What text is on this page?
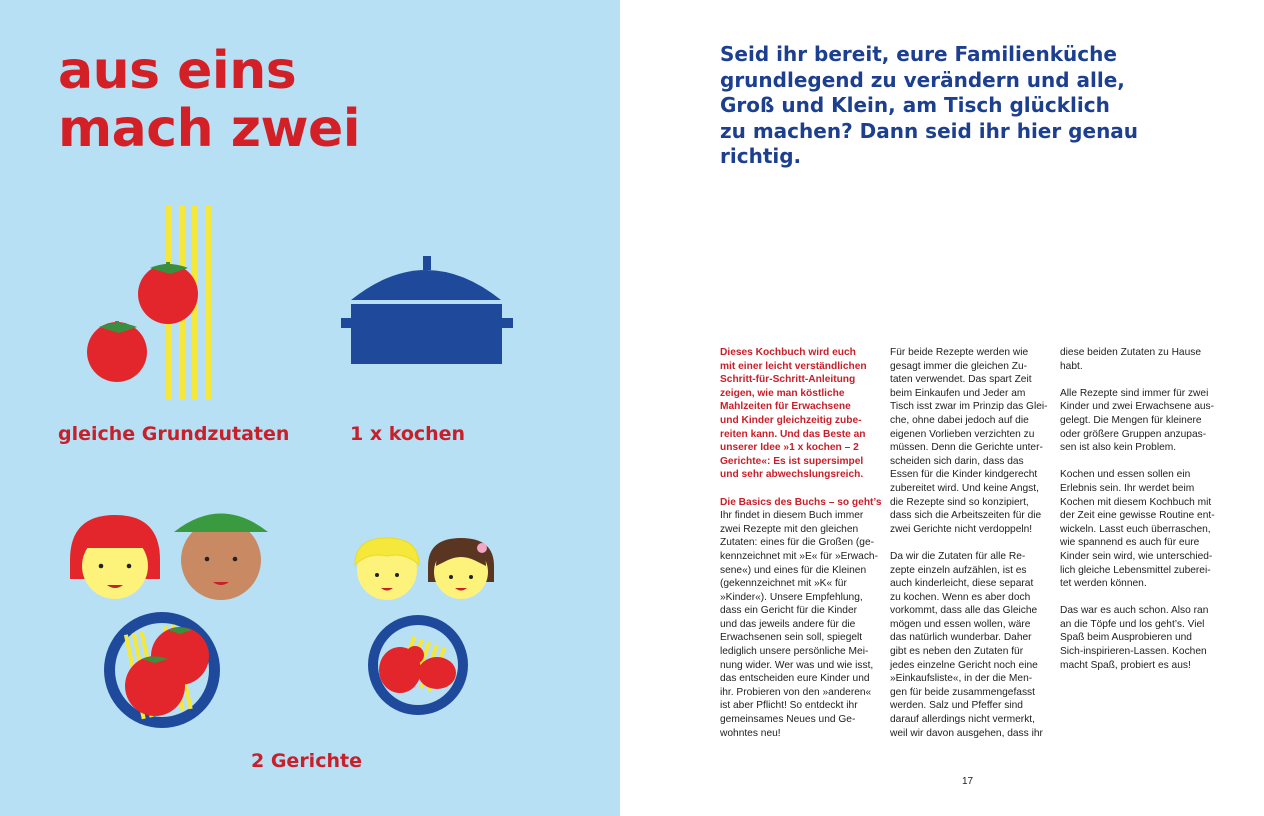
aus eins
mach zwei
gleiche Grundzutaten	1 x kochen
2 Gerichte
Seid ihr bereit, eure Familienküche
grundlegend zu verändern und alle,
Groß und Klein, am Tisch glücklich
zu machen? Dann seid ihr hier genau
richtig.

Dieses Kochbuch wird euch
mit einer leicht verständlichen
Schritt-für-Schritt-Anleitung
zeigen, wie man köstliche
Mahlzeiten für Erwachsene
und Kinder gleichzeitig zube-
reiten kann. Und das Beste an
unserer Idee »1 x kochen – 2
Gerichte«: Es ist supersimpel
und sehr abwechslungsreich.

Die Basics des Buchs – so geht’s
Ihr findet in diesem Buch immer
zwei Rezepte mit den gleichen
Zutaten: eines für die Großen (ge-
kennzeichnet mit »E« für »Erwach-
sene«) und eines für die Kleinen
(gekennzeichnet mit »K« für
»Kinder«). Unsere Empfehlung,
dass ein Gericht für die Kinder
und das jeweils andere für die
Erwachsenen sein soll, spiegelt
lediglich unsere persönliche Mei-
nung wider. Wer was und wie isst,
das entscheiden eure Kinder und
ihr. Probieren von den »anderen«
ist aber Pflicht! So entdeckt ihr
gemeinsames Neues und Ge-
wohntes neu!

Für beide Rezepte werden wie
gesagt immer die gleichen Zu-
taten verwendet. Das spart Zeit
beim Einkaufen und Jeder am
Tisch isst zwar im Prinzip das Glei-
che, ohne dabei jedoch auf die
eigenen Vorlieben verzichten zu
müssen. Denn die Gerichte unter-
scheiden sich darin, dass das
Essen für die Kinder kindgerecht
zubereitet wird. Und keine Angst,
die Rezepte sind so konzipiert,
dass sich die Arbeitszeiten für die
zwei Gerichte nicht verdoppeln!

Da wir die Zutaten für alle Re-
zepte einzeln aufzählen, ist es
auch kinderleicht, diese separat
zu kochen. Wenn es aber doch
vorkommt, dass alle das Gleiche
mögen und essen wollen, wäre
das natürlich wunderbar. Daher
gibt es neben den Zutaten für
jedes einzelne Gericht noch eine
»Einkaufsliste«, in der die Men-
gen für beide zusammengefasst
werden. Salz und Pfeffer sind
darauf allerdings nicht vermerkt,
weil wir davon ausgehen, dass ihr

diese beiden Zutaten zu Hause
habt.

Alle Rezepte sind immer für zwei
Kinder und zwei Erwachsene aus-
gelegt. Die Mengen für kleinere
oder größere Gruppen anzupas-
sen ist also kein Problem.

Kochen und essen sollen ein
Erlebnis sein. Ihr werdet beim
Kochen mit diesem Kochbuch mit
der Zeit eine gewisse Routine ent-
wickeln. Lasst euch überraschen,
wie spannend es auch für eure
Kinder sein wird, wie unterschied-
lich gleiche Lebensmittel zuberei-
tet werden können.

Das war es auch schon. Also ran
an die Töpfe und los geht’s. Viel
Spaß beim Ausprobieren und
Sich-inspirieren-Lassen. Kochen
macht Spaß, probiert es aus!

17
